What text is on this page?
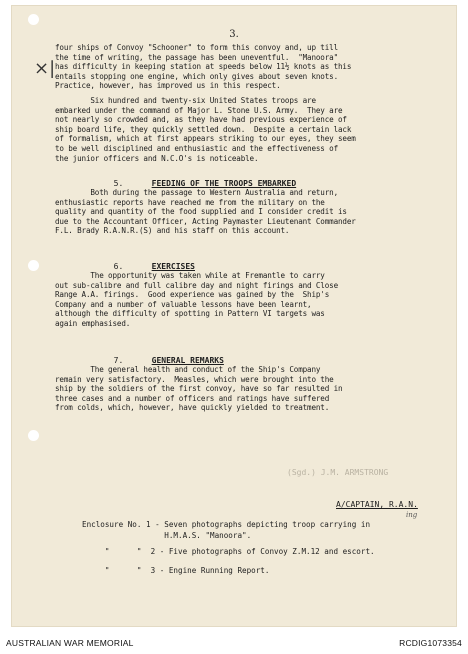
3.
×|
four ships of Convoy "Schooner" to form this convoy and, up till
the time of writing, the passage has been uneventful.  "Manoora"
has difficulty in keeping station at speeds below 11½ knots as this
entails stopping one engine, which only gives about seven knots.
Practice, however, has improved us in this respect.
Six hundred and twenty-six United States troops are
embarked under the command of Major L. Stone U.S. Army.  They are
not nearly so crowded and, as they have had previous experience of
ship board life, they quickly settled down.  Despite a certain lack
of formalism, which at first appears striking to our eyes, they seem
to be well disciplined and enthusiastic and the effectiveness of
the junior officers and N.C.O's is noticeable.

5.	FEEDING OF THE TROOPS EMBARKED

Both during the passage to Western Australia and return,
enthusiastic reports have reached me from the military on the
quality and quantity of the food supplied and I consider credit is
due to the Accountant Officer, Acting Paymaster Lieutenant Commander
F.L. Brady R.A.N.R.(S) and his staff on this account.

6.	EXERCISES

The opportunity was taken while at Fremantle to carry
out sub-calibre and full calibre day and night firings and Close
Range A.A. firings.  Good experience was gained by the  Ship's
Company and a number of valuable lessons have been learnt,
although the difficulty of spotting in Pattern VI targets was
again emphasised.

7.	GENERAL REMARKS

The general health and conduct of the Ship's Company
remain very satisfactory.  Measles, which were brought into the
ship by the soldiers of the first convoy, have so far resulted in
three cases and a number of officers and ratings have suffered
from colds, which, however, have quickly yielded to treatment.
(Sgd.) J.M. ARMSTRONG
A/CAPTAIN, R.A.N.
ing
Enclosure No. 1 - Seven photographs depicting troop carrying in
H.M.A.S. "Manoora".
"      "  2 - Five photographs of Convoy Z.M.12 and escort.
"      "  3 - Engine Running Report.
AUSTRALIAN WAR MEMORIAL	RCDIG1073354
